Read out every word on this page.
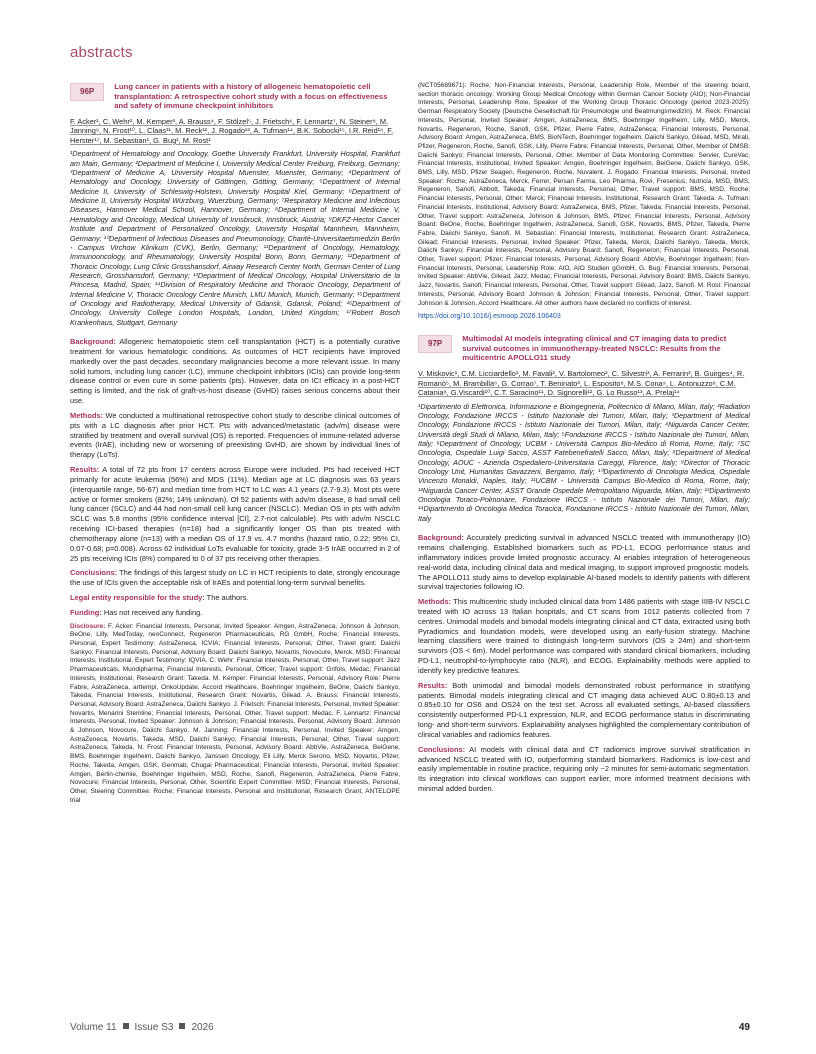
abstracts
96P
Lung cancer in patients with a history of allogeneic hematopoietic cell transplantation: A retrospective cohort study with a focus on effectiveness and safety of immune checkpoint inhibitors
F. Acker¹, C. Wehr², M. Kemper³, A. Brauss⁴, F. Stölzel⁵, J. Frietsch⁶, F. Lennartz⁷, N. Steiner⁸, M. Janning⁹, N. Frost¹⁰, L. Claas¹¹, M. Reck¹², J. Rogado¹³, A. Tufman¹⁴, B.K. Sobocki¹⁵, I.R. Reid¹⁶, F. Herster¹⁷, M. Sebastian¹, G. Bug¹, M. Rost¹
¹Department of Hematology and Oncology, Goethe University Frankfurt, University Hospital, Frankfurt am Main, Germany; ²Department of Medicine I, University Medical Center Freiburg, Freiburg, Germany; ³Department of Medicine A, University Hospital Muenster, Muenster, Germany; ⁴Department of Hematology and Oncology, University of Göttingen, Götting, Germany; ⁵Department of Internal Medicine II, University of Schleswig-Holstein, University Hospital Kiel, Germany; ⁶Department of Medicine II, University Hospital Würzburg, Wuerzburg, Germany; ⁷Respiratory Medicine and Infectious Diseases, Hannover Medical School, Hannover, Germany; ⁸Department of Internal Medicine V, Hematology and Oncology, Medical University of Innsbruck, Innsbruck, Austria; ⁹DKFZ-Hector Cancer Institute and Department of Personalized Oncology, University Hospital Mannheim, Mannheim, Germany; ¹⁰Department of Infectious Diseases and Pneumonology, Charité-Universitaetsmedizin Berlin - Campus Virchow Klinikum (CVK), Berlin, Germany; ¹¹Department of Oncology, Hematology, Immunooncology, and Rheumatology, University Hospital Bonn, Bonn, Germany; ¹²Department of Thoracic Oncology, Lung Clinic Grosshansdorf, Airway Research Center North, German Center of Lung Research, Grosshansdorf, Germany; ¹³Department of Medical Oncology, Hospital Universitario de la Princesa, Madrid, Spain; ¹⁴Division of Respiratory Medicine and Thoracic Oncology, Department of Internal Medicine V, Thoracic Oncology Centre Munich, LMU Munich, Munich, Germany; ¹⁵Department of Oncology and Radiotherapy, Medical University of Gdansk, Gdansk, Poland; ¹⁶Department of Oncology, University College London Hospitals, London, United Kingdom; ¹⁷Robert Bosch Krankenhaus, Stuttgart, Germany

Background: Allogeneic hematopoietic stem cell transplantation (HCT) is a potentially curative treatment for various hematologic conditions. As outcomes of HCT recipients have improved markedly over the past decades, secondary malignancies become a more relevant issue. In many solid tumors, including lung cancer (LC), immune checkpoint inhibitors (ICIs) can provide long-term disease control or even cure in some patients (pts). However, data on ICI efficacy in a post-HCT setting is limited, and the risk of graft-vs-host disease (GvHD) raises serious concerns about their use.

Methods: We conducted a multinational retrospective cohort study to describe clinical outcomes of pts with a LC diagnosis after prior HCT. Pts with advanced/metastatic (adv/m) disease were stratified by treatment and overall survival (OS) is reported. Frequencies of immune-related adverse events (IrAE), including new or worsening of preexisting GvHD, are shown by individual lines of therapy (LoTs).

Results: A total of 72 pts from 17 centers across Europe were included. Pts had received HCT primarily for acute leukemia (56%) and MDS (11%). Median age at LC diagnosis was 63 years (interquartile range, 56-67) and median time from HCT to LC was 4.1 years (2.7-9.3). Most pts were active or former smokers (82%; 14% unknown). Of 52 patients with adv/m disease, 8 had small cell lung cancer (SCLC) and 44 had non-small cell lung cancer (NSCLC). Median OS in pts with adv/m SCLC was 5.8 months (95% confidence interval [CI], 2.7-not calculable). Pts with adv/m NSCLC receiving ICI-based therapies (n=18) had a significantly longer OS than pts treated with chemotherapy alone (n=13) with a median OS of 17.9 vs. 4.7 months (hazard ratio, 0.22; 95% CI, 0.07-0.68; p=0.008). Across 62 individual LoTs evaluable for toxicity, grade 3-5 IrAE occurred in 2 of 25 pts receiving ICIs (8%) compared to 0 of 37 pts receiving other therapies.

Conclusions: The findings of this largest study on LC in HCT recipients to date, strongly encourage the use of ICIs given the acceptable risk of IrAEs and potential long-term survival benefits.

Legal entity responsible for the study: The authors.

Funding: Has not received any funding.

Disclosure: F. Acker: Financial Interests, Personal, Invited Speaker: Amgen, AstraZeneca, Johnson & Johnson, BeOne, Lilly, MedToday, neoConnect, Regeneron Pharmaceuticals, RG GmbH, Roche; Financial Interests, Personal, Expert Testimony: AstraZeneca, ICVIA; Financial Interests, Personal, Other, Travel grant: Daiichi Sankyo; Financial Interests, Personal, Advisory Board: Daiichi Sankyo, Novartis, Novocure, Merck, MSD; Financial Interests, Institutional, Expert Testimony: IQVIA. C. Wehr: Financial Interests, Personal, Other, Travel support: Jazz Pharmaceuticals, Mundipharma; Financial Interests, Personal, Officer, Travel support: Grifols, Medac; Financial Interests, Institutional, Research Grant: Takeda. M. Kemper: Financial Interests, Personal, Advisory Role: Pierre Fabre, AstraZeneca, arttempi, OnkoUpdate, Accord Healthcare, Boehringer Ingelheim, BeOne, Daiichi Sankyo, Takeda; Financial Interests, Institutional, Research Grant: Novartis, Gilead. A. Brauss: Financial Interests, Personal, Advisory Board: AstraZeneca, Daiichi Sankyo. J. Frietsch: Financial Interests, Personal, Invited Speaker: Novartis, Menarini Stemline; Financial Interests, Personal, Other, Travel support: Medac. F. Lennartz: Financial Interests, Personal, Invited Speaker: Johnson & Johnson; Financial Interests, Personal, Advisory Board: Johnson & Johnson, Novocure, Daiichi Sankyo. M. Janning: Financial Interests, Personal, Invited Speaker: Amgen, AstraZeneca, Novartis, Takeda, MSD, Daiichi Sankyo; Financial Interests, Personal, Other, Travel support: AstraZeneca, Takeda. N. Frost: Financial Interests, Personal, Advisory Board: AbbVie, AstraZeneca, BeiGene, BMS, Boehringer Ingelheim, Daiichi Sankyo, Janssen Oncology, Eli Lilly, Merck Serono, MSD, Novartis, Pfizer, Roche, Takeda, Amgen, GSK, Genmab, Chugai Pharmaceutical; Financial Interests, Personal, Invited Speaker: Amgen, Berlin-chemie, Boehringer Ingelheim, MSD, Roche, Sanofi, Regeneron, AstraZeneca, Pierre Fabre, Novocure; Financial Interests, Personal, Other, Scientific Expert Committee: MSD; Financial Interests, Personal, Other, Steering Committee: Roche; Financial Interests, Personal and Institutional, Research Grant, ANTELOPE trial

(NCT05689671): Roche; Non-Financial Interests, Personal, Leadership Role, Member of the steering board, section thoracic oncology: Working Group Medical Oncology within German Cancer Society (AIO); Non-Financial Interests, Personal, Leadership Role, Speaker of the Working Group Thoracic Oncology (period 2023-2025): German Respiratory Society (Deutsche Gesellschaft für Pneumologie und Beatmungsmedizin). M. Reck: Financial Interests, Personal, Invited Speaker: Amgen, AstraZeneca, BMS, Boehringer Ingelheim, Lilly, MSD, Merck, Novartis, Regeneron, Roche, Sanofi, GSK, Pfizer, Pierre Fabre, AstraZeneca; Financial Interests, Personal, Advisory Board: Amgen, AstraZeneca, BMS, BioNTech, Boehringer Ingelheim, Daiichi Sankyo, Gilead, MSD, Mirati, Pfizer, Regeneron, Roche, Sanofi, GSK, Lilly, Pierre Fabre; Financial Interests, Personal, Other, Member of DMSB: Daiichi Sankyo; Financial Interests, Personal, Other, Member of Data Monitoring Committee: Servier, CureVac; Financial Interests, Institutional, Invited Speaker: Amgen, Boehringer Ingelheim, BeiGene, Daiichi Sankyo, GSK, BMS, Lilly, MSD, Pfizer Seagen, Regeneron, Roche, Nuvalent. J. Rogado: Financial Interests, Personal, Invited Speaker: Roche, AstraZeneca, Merck, Ferrer, Persan Farma, Leo Pharma, Rovi, Fresenius, Nutricia, MSD, BMS, Regeneron, Sanofi, Abbott, Takeda; Financial Interests, Personal, Other, Travel support: BMS, MSD, Roche; Financial Interests, Personal, Other: Merck; Financial Interests, Institutional, Research Grant: Takeda. A. Tufman: Financial Interests, Institutional, Advisory Board: AstraZeneca, BMS, Pfizer, Takeda; Financial Interests, Personal, Other, Travel support: AstraZeneca, Johnson & Johnson, BMS, Pfizer; Financial Interests, Personal, Advisory Board: BeOne, Roche, Boehringer Ingelheim, AstraZeneca, Sanofi, GSK, Novartis, BMS, Pfizer, Takeda, Pierre Fabre, Daiichi Sankyo, Sanofi. M. Sebastian: Financial Interests, Institutional, Research Grant: AstraZeneca, Gilead; Financial Interests, Personal, Invited Speaker: Pfizer, Takeda, Merck, Daiichi Sankyo, Takeda, Merck, Daiichi Sankyo; Financial Interests, Personal, Advisory Board: Sanofi, Regeneron; Financial Interests, Personal, Other, Travel support: Pfizer; Financial Interests, Personal, Advisory Board: AbbVie, Boehringer Ingelheim; Non-Financial Interests, Personal, Leadership Role: AIO, AIO Studien gGmbH. G. Bug: Financial Interests, Personal, Invited Speaker: AbbVie, Gilead, Jazz, Medac; Financial Interests, Personal, Advisory Board: BMS, Daiichi Sankyo, Jazz, Novartis, Sanofi; Financial Interests, Personal, Other, Travel support: Gilead, Jazz, Sanofi. M. Rost: Financial Interests, Personal, Advisory Board: Johnson & Johnson; Financial Interests, Personal, Other, Travel support: Johnson & Johnson, Accord Healthcare. All other authors have declared no conflicts of interest.

https://doi.org/10.1016/j.esmoop.2026.106403
97P
Multimodal AI models integrating clinical and CT imaging data to predict survival outcomes in immunotherapy-treated NSCLC: Results from the multicentric APOLLO11 study
V. Miskovic¹, C.M. Licciardello¹, M. Favali², V. Bartolomeo², C. Silvestri³, A. Ferrarin³, B. Guirges⁴, R. Romanò⁵, M. Brambilla⁶, G. Corrao⁷, T. Beninato³, L. Esposito⁸, M.S. Cona⁹, L. Antonuzzo⁸, C.M. Catania⁸, G.Viscardi¹⁰, C.T. Saracino¹¹, D. Signorelli¹², G. Lo Russo¹³, A. Prelaj¹⁴
¹Dipartimento di Elettronica, Informazione e Bioingegneria, Politecnico di Milano, Milan, Italy; ²Radiation Oncology, Fondazione IRCCS - Istituto Nazionale dei Tumori, Milan, Italy; ³Department of Medical Oncology, Fondazione IRCCS - Istituto Nazionale dei Tumori, Milan, Italy; ⁴Niguarda Cancer Center, Università degli Studi di Milano, Milan, Italy; ⁵Fondazione IRCCS - Istituto Nazionale dei Tumori, Milan, Italy; ⁶Department of Oncology, UCBM - Università Campus Bio-Medico di Roma, Rome, Italy; ⁷SC Oncologia, Ospedale Luigi Sacco, ASST Fatebenefratelli Sacco, Milan, Italy; ⁸Department of Medical Oncology, AOUC - Azienda Ospedaliero-Universitaria Careggi, Florence, Italy; ⁹Director of Thoracic Oncology Unit, Humanitas Gavazzeni, Bergamo, Italy; ¹⁰Dipartimento di Oncologia Medica, Ospedale Vincenzo Monaldi, Naples, Italy; ¹¹UCBM - Università Campus Bio-Medico di Roma, Rome, Italy; ¹²Niguarda Cancer Center, ASST Grande Ospedale Metropolitano Niguarda, Milan, Italy; ¹³Dipartimento Oncologia Toraco-Polmonare, Fondazione IRCCS - Istituto Nazionale dei Tumori, Milan, Italy; ¹⁴Dipartimento di Oncologia Medica Toracica, Fondazione IRCCS - Istituto Nazionale dei Tumori, Milan, Italy

Background: Accurately predicting survival in advanced NSCLC treated with immunotherapy (IO) remains challenging. Established biomarkers such as PD-L1, ECOG performance status and inflammatory indices provide limited prognostic accuracy. AI enables integration of heterogeneous real-world data, including clinical data and medical imaging, to support improved prognostic models. The APOLLO11 study aims to develop explainable AI-based models to identify patients with different survival trajectories following IO.

Methods: This multicentric study included clinical data from 1486 patients with stage IIIB-IV NSCLC treated with IO across 13 Italian hospitals, and CT scans from 1012 patients collected from 7 centres. Unimodal models and bimodal models integrating clinical and CT data, extracted using both Pyradiomics and foundation models, were developed using an early-fusion strategy. Machine learning classifiers were trained to distinguish long-term survivors (OS ≥ 24m) and short-term survivors (OS < 6m). Model performance was compared with standard clinical biomarkers, including PD-L1, neutrophil-to-lymphocyte ratio (NLR), and ECOG. Explainability methods were applied to identify key predictive features.

Results: Both unimodal and bimodal models demonstrated robust performance in stratifying patients. Bimodal models integrating clinical and CT imaging data achieved AUC 0.80±0.13 and 0.85±0.10 for OS6 and OS24 on the test set. Across all evaluated settings, AI-based classifiers consistently outperformed PD-L1 expression, NLR, and ECOG performance status in discriminating long- and short-term survivors. Explainability analyses highlighted the complementary contribution of clinical variables and radiomics features.

Conclusions: AI models with clinical data and CT radiomics improve survival stratification in advanced NSCLC treated with IO, outperforming standard biomarkers. Radiomics is low-cost and easily implementable in routine practice, requiring only ~2 minutes for semi-automatic segmentation. Its integration into clinical workflows can support earlier, more informed treatment decisions with minimal added burden.

Volume 11 Issue S3 2026	49
